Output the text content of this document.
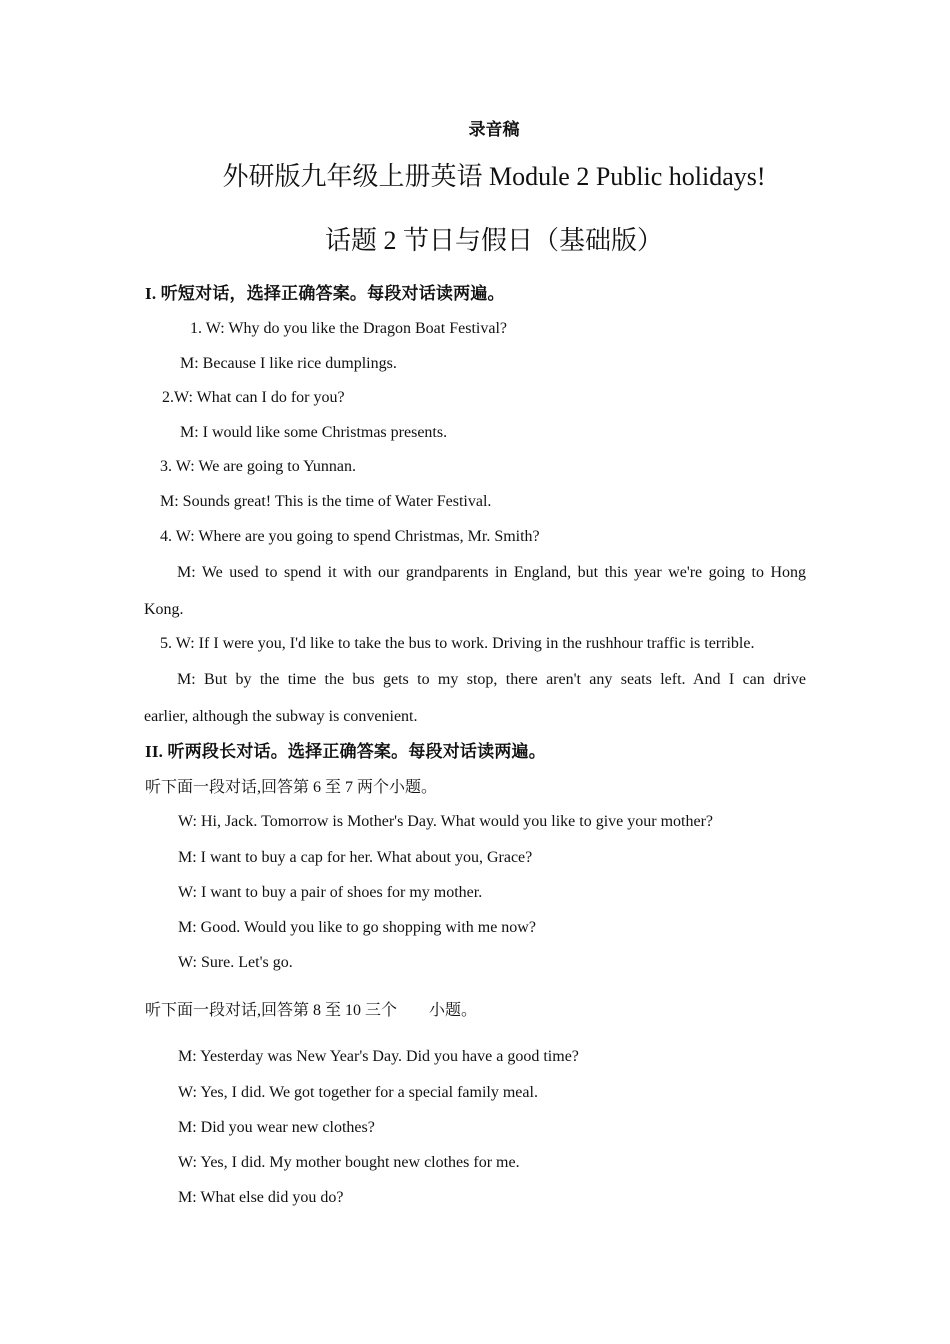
录音稿
外研版九年级上册英语 Module 2 Public holidays!
话题 2 节日与假日（基础版）
I. 听短对话，选择正确答案。每段对话读两遍。
1. W: Why do you like the Dragon Boat Festival?
M: Because I like rice dumplings.
2.W: What can I do for you?
M: I would like some Christmas presents.
3. W: We are going to Yunnan.
M: Sounds great! This is the time of Water Festival.
4. W: Where are you going to spend Christmas, Mr. Smith?
M: We used to spend it with our grandparents in England, but this year we're going to Hong
Kong.
5. W: If I were you, I'd like to take the bus to work. Driving in the rushhour traffic is terrible.
M: But by the time the bus gets to my stop, there aren't any seats left. And I can drive
earlier, although the subway is convenient.
II. 听两段长对话。选择正确答案。每段对话读两遍。
听下面一段对话,回答第 6 至 7 两个小题。
W: Hi, Jack. Tomorrow is Mother's Day. What would you like to give your mother?
M: I want to buy a cap for her. What about you, Grace?
W: I want to buy a pair of shoes for my mother.
M: Good. Would you like to go shopping with me now?
W: Sure. Let's go.
听下面一段对话,回答第 8 至 10 三个        小题。
M: Yesterday was New Year's Day. Did you have a good time?
W: Yes, I did. We got together for a special family meal.
M: Did you wear new clothes?
W: Yes, I did. My mother bought new clothes for me.
M: What else did you do?
